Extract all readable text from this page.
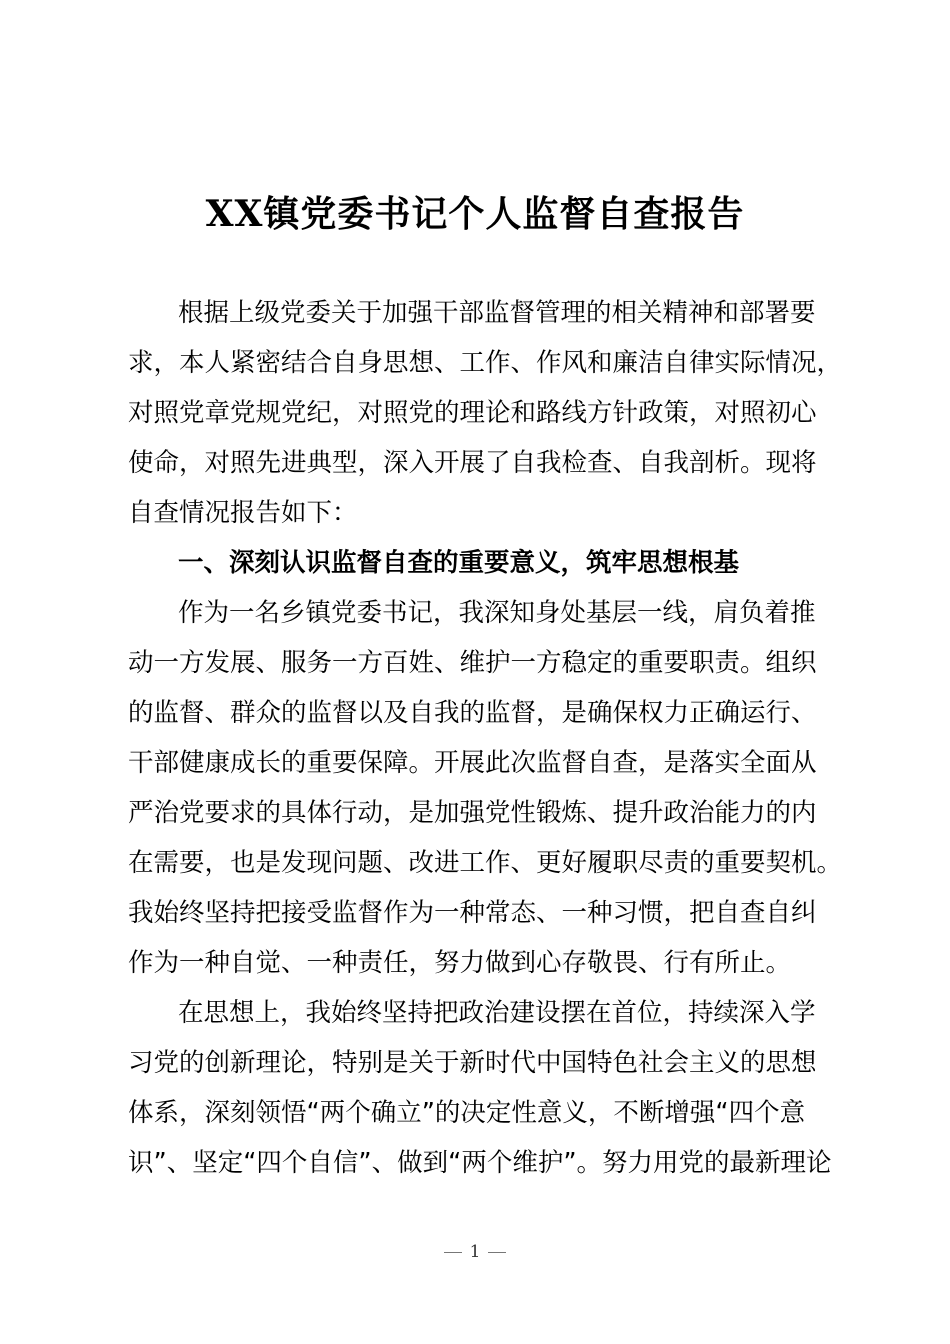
XX镇党委书记个人监督自查报告
根据上级党委关于加强干部监督管理的相关精神和部署要
求，本人紧密结合自身思想、工作、作风和廉洁自律实际情况，
对照党章党规党纪，对照党的理论和路线方针政策，对照初心
使命，对照先进典型，深入开展了自我检查、自我剖析。现将
自查情况报告如下：
一、深刻认识监督自查的重要意义，筑牢思想根基
作为一名乡镇党委书记，我深知身处基层一线，肩负着推
动一方发展、服务一方百姓、维护一方稳定的重要职责。组织
的监督、群众的监督以及自我的监督，是确保权力正确运行、
干部健康成长的重要保障。开展此次监督自查，是落实全面从
严治党要求的具体行动，是加强党性锻炼、提升政治能力的内
在需要，也是发现问题、改进工作、更好履职尽责的重要契机。
我始终坚持把接受监督作为一种常态、一种习惯，把自查自纠
作为一种自觉、一种责任，努力做到心存敬畏、行有所止。
在思想上，我始终坚持把政治建设摆在首位，持续深入学
习党的创新理论，特别是关于新时代中国特色社会主义的思想
体系，深刻领悟“两个确立”的决定性意义，不断增强“四个意
识”、坚定“四个自信”、做到“两个维护”。努力用党的最新理论
1
